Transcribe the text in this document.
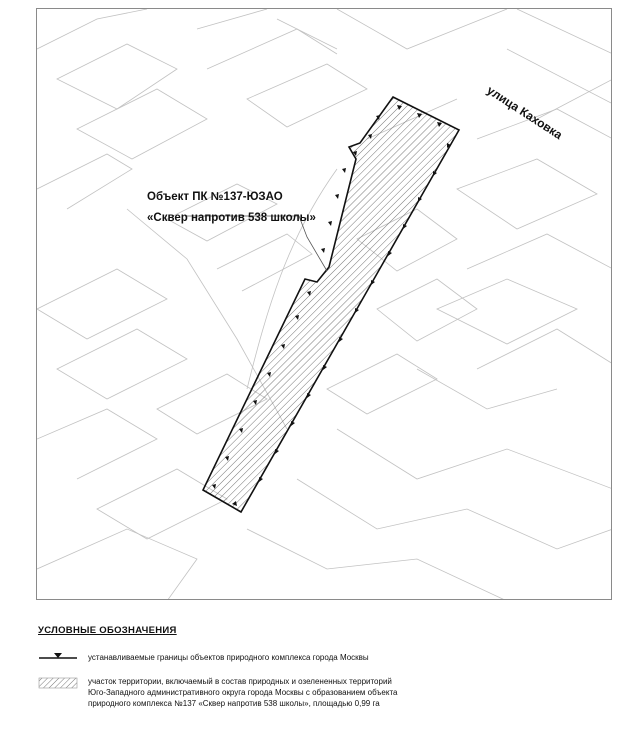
улица Каховка
Объект ПК №137-ЮЗАО
«Сквер напротив 538 школы»
УСЛОВНЫЕ ОБОЗНАЧЕНИЯ
устанавливаемые границы объектов природного комплекса города Москвы
участок территории, включаемый в состав природных и озелененных территорий Юго-Западного административного округа города Москвы с образованием объекта природного комплекса №137 «Сквер напротив 538 школы», площадью 0,99 га
